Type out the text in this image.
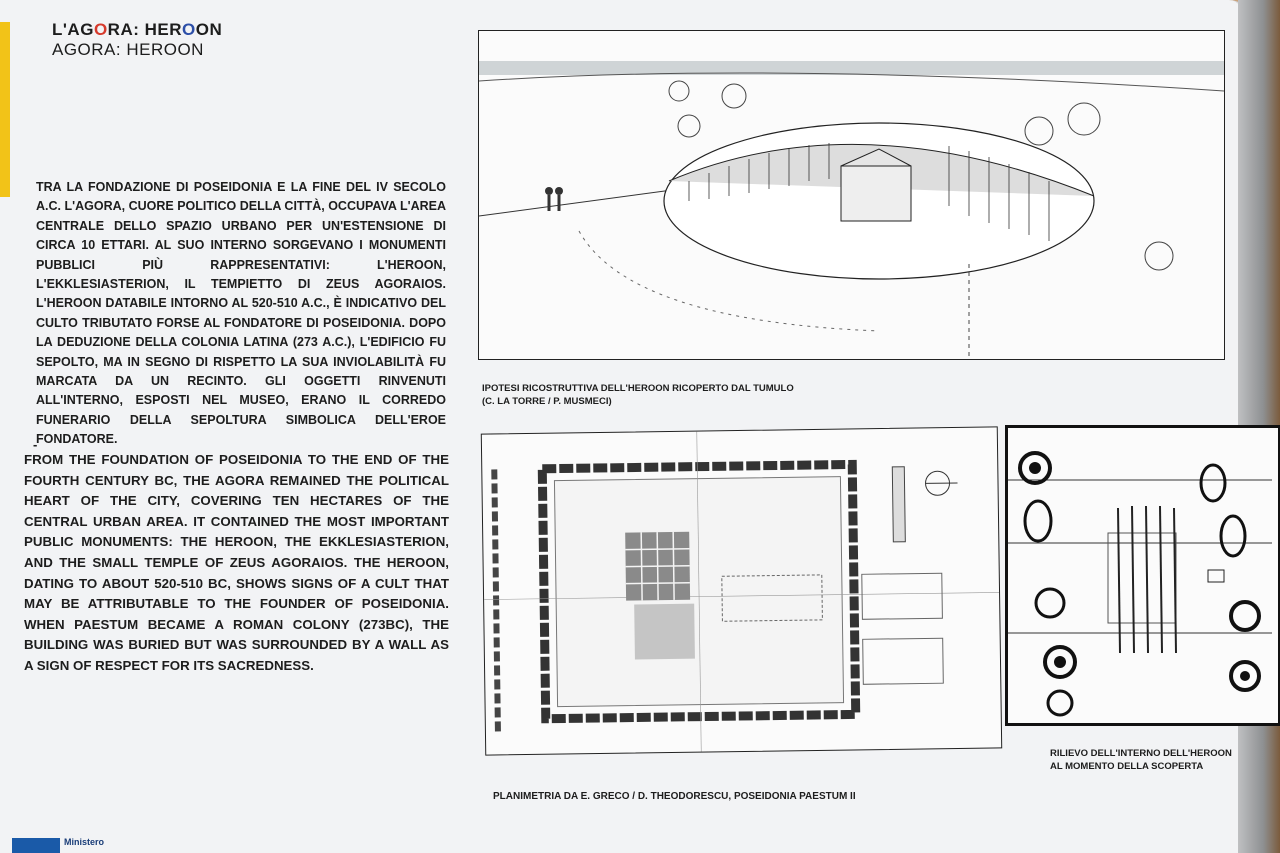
L'AGORA: HEROON
AGORA: HEROON
TRA LA FONDAZIONE DI POSEIDONIA E LA FINE DEL IV SECOLO A.C. L'AGORA, CUORE POLITICO DELLA CITTÀ, OCCUPAVA L'AREA CENTRALE DELLO SPAZIO URBANO PER UN'ESTENSIONE DI CIRCA 10 ETTARI. AL SUO INTERNO SORGEVANO I MONUMENTI PUBBLICI PIÙ RAPPRESENTATIVI: L'HEROON, L'EKKLESIASTERION, IL TEMPIETTO DI ZEUS AGORAIOS. L'HEROON DATABILE INTORNO AL 520-510 A.C., È INDICATIVO DEL CULTO TRIBUTATO FORSE AL FONDATORE DI POSEIDONIA. DOPO LA DEDUZIONE DELLA COLONIA LATINA (273 A.C.), L'EDIFICIO FU SEPOLTO, MA IN SEGNO DI RISPETTO LA SUA INVIOLABILITÀ FU MARCATA DA UN RECINTO. GLI OGGETTI RINVENUTI ALL'INTERNO, ESPOSTI NEL MUSEO, ERANO IL CORREDO FUNERARIO DELLA SEPOLTURA SIMBOLICA DELL'EROE FONDATORE.
-
FROM THE FOUNDATION OF POSEIDONIA TO THE END OF THE FOURTH CENTURY BC, THE AGORA REMAINED THE POLITICAL HEART OF THE CITY, COVERING TEN HECTARES OF THE CENTRAL URBAN AREA. IT CONTAINED THE MOST IMPORTANT PUBLIC MONUMENTS: THE HEROON, THE EKKLESIASTERION, AND THE SMALL TEMPLE OF ZEUS AGORAIOS. THE HEROON, DATING TO ABOUT 520-510 BC, SHOWS SIGNS OF A CULT THAT MAY BE ATTRIBUTABLE TO THE FOUNDER OF POSEIDONIA. WHEN PAESTUM BECAME A ROMAN COLONY (273BC), THE BUILDING WAS BURIED BUT WAS SURROUNDED BY A WALL AS A SIGN OF RESPECT FOR ITS SACREDNESS.
IPOTESI RICOSTRUTTIVA DELL'HEROON RICOPERTO DAL TUMULO
(C. LA TORRE / P. MUSMECI)
PLANIMETRIA DA E. GRECO / D. THEODORESCU, POSEIDONIA PAESTUM II
RILIEVO DELL'INTERNO DELL'HEROON
AL MOMENTO DELLA SCOPERTA
Ministero
